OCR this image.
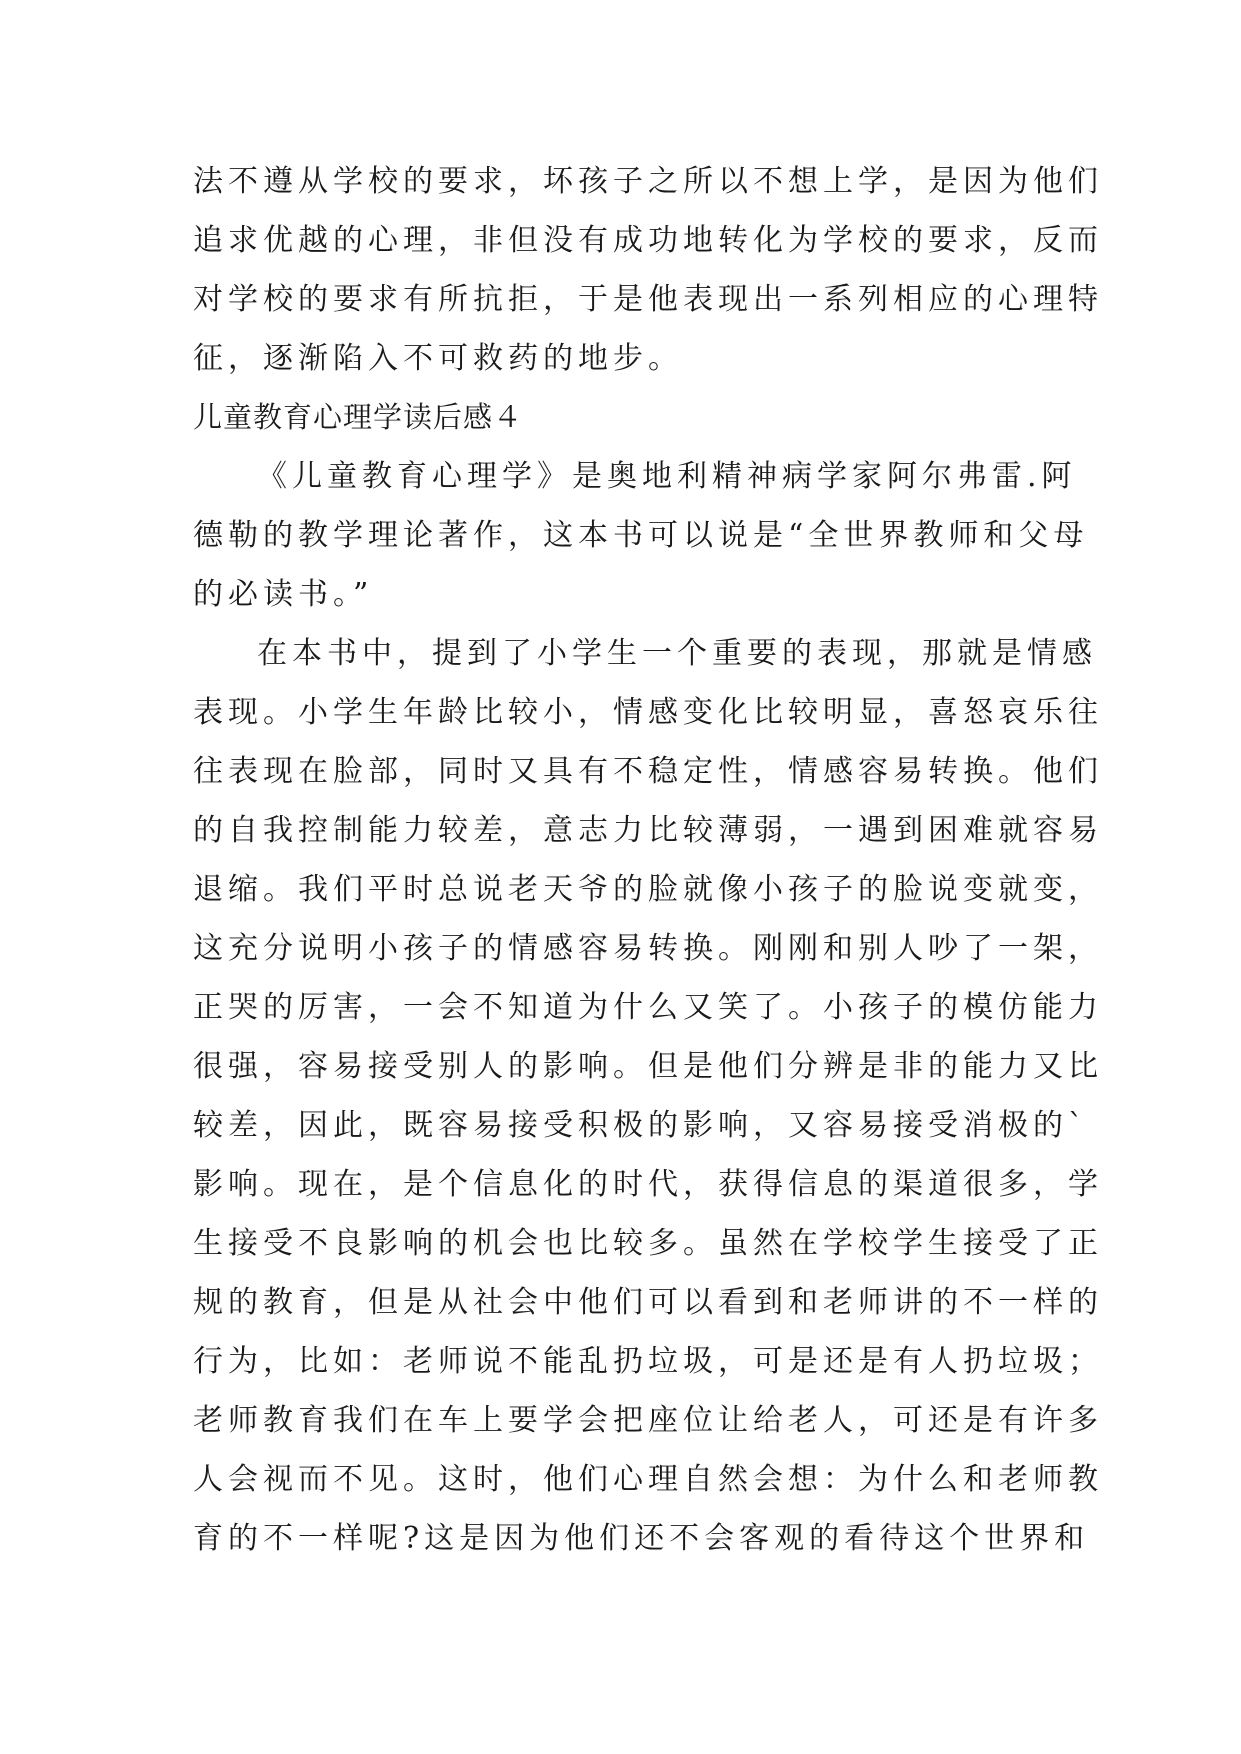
法不遵从学校的要求，坏孩子之所以不想上学，是因为他们
追求优越的心理，非但没有成功地转化为学校的要求，反而
对学校的要求有所抗拒，于是他表现出一系列相应的心理特
征，逐渐陷入不可救药的地步。
儿童教育心理学读后感４
《儿童教育心理学》是奥地利精神病学家阿尔弗雷.阿
德勒的教学理论著作，这本书可以说是“全世界教师和父母
的必读书。”
在本书中，提到了小学生一个重要的表现，那就是情感
表现。小学生年龄比较小，情感变化比较明显，喜怒哀乐往
往表现在脸部，同时又具有不稳定性，情感容易转换。他们
的自我控制能力较差，意志力比较薄弱，一遇到困难就容易
退缩。我们平时总说老天爷的脸就像小孩子的脸说变就变，
这充分说明小孩子的情感容易转换。刚刚和别人吵了一架，
正哭的厉害，一会不知道为什么又笑了。小孩子的模仿能力
很强，容易接受别人的影响。但是他们分辨是非的能力又比
较差，因此，既容易接受积极的影响，又容易接受消极的`
影响。现在，是个信息化的时代，获得信息的渠道很多，学
生接受不良影响的机会也比较多。虽然在学校学生接受了正
规的教育，但是从社会中他们可以看到和老师讲的不一样的
行为，比如：老师说不能乱扔垃圾，可是还是有人扔垃圾；
老师教育我们在车上要学会把座位让给老人，可还是有许多
人会视而不见。这时，他们心理自然会想：为什么和老师教
育的不一样呢?这是因为他们还不会客观的看待这个世界和
